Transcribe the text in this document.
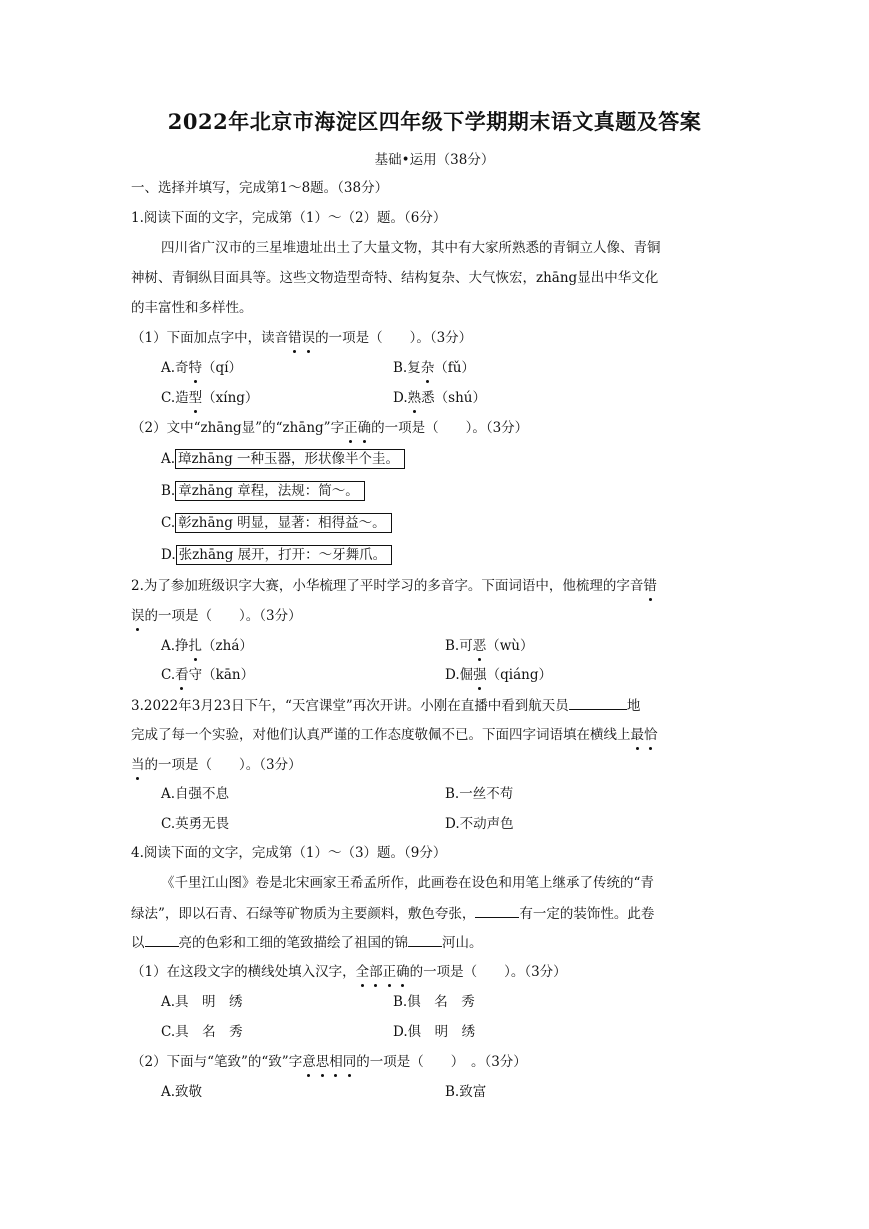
2022年北京市海淀区四年级下学期期末语文真题及答案
基础•运用（38分）
一、选择并填写，完成第1～8题。（38分）
1.阅读下面的文字，完成第（1）～（2）题。（6分）
四川省广汉市的三星堆遗址出土了大量文物，其中有大家所熟悉的青铜立人像、青铜
神树、青铜纵目面具等。这些文物造型奇特、结构复杂、大气恢宏，zhāng显出中华文化
的丰富性和多样性。
（1）下面加点字中，读音错误的一项是（　　）。（3分）
A.奇特（qí）	B.复杂（fǔ）
C.造型（xíng）	D.熟悉（shú）
（2）文中“zhāng显”的“zhāng”字正确的一项是（　　）。（3分）
A. 璋zhāng 一种玉器，形状像半个圭。
B. 章zhāng 章程，法规：简～。
C. 彰zhāng 明显，显著：相得益～。
D. 张zhāng 展开，打开：～牙舞爪。
2.为了参加班级识字大赛，小华梳理了平时学习的多音字。下面词语中，他梳理的字音错
误的一项是（　　）。（3分）
A.挣扎（zhá）	B.可恶（wù）
C.看守（kān）	D.倔强（qiáng）
3.2022年3月23日下午，“天宫课堂”再次开讲。小刚在直播中看到航天员	地
完成了每一个实验，对他们认真严谨的工作态度敬佩不已。下面四字词语填在横线上最恰
当的一项是（　　）。（3分）
A.自强不息	B.一丝不苟
C.英勇无畏	D.不动声色
4.阅读下面的文字，完成第（1）～（3）题。（9分）
《千里江山图》卷是北宋画家王希孟所作，此画卷在设色和用笔上继承了传统的“青
绿法”，即以石青、石绿等矿物质为主要颜料，敷色夸张，	有一定的装饰性。此卷
以	亮的色彩和工细的笔致描绘了祖国的锦	河山。
（1）在这段文字的横线处填入汉字，全部正确的一项是（　　）。（3分）
A.具　明　绣	B.俱　名　秀
C.具　名　秀	D.俱　明　绣
（2）下面与“笔致”的“致”字意思相同的一项是（　　）　。（3分）
A.致敬	B.致富
